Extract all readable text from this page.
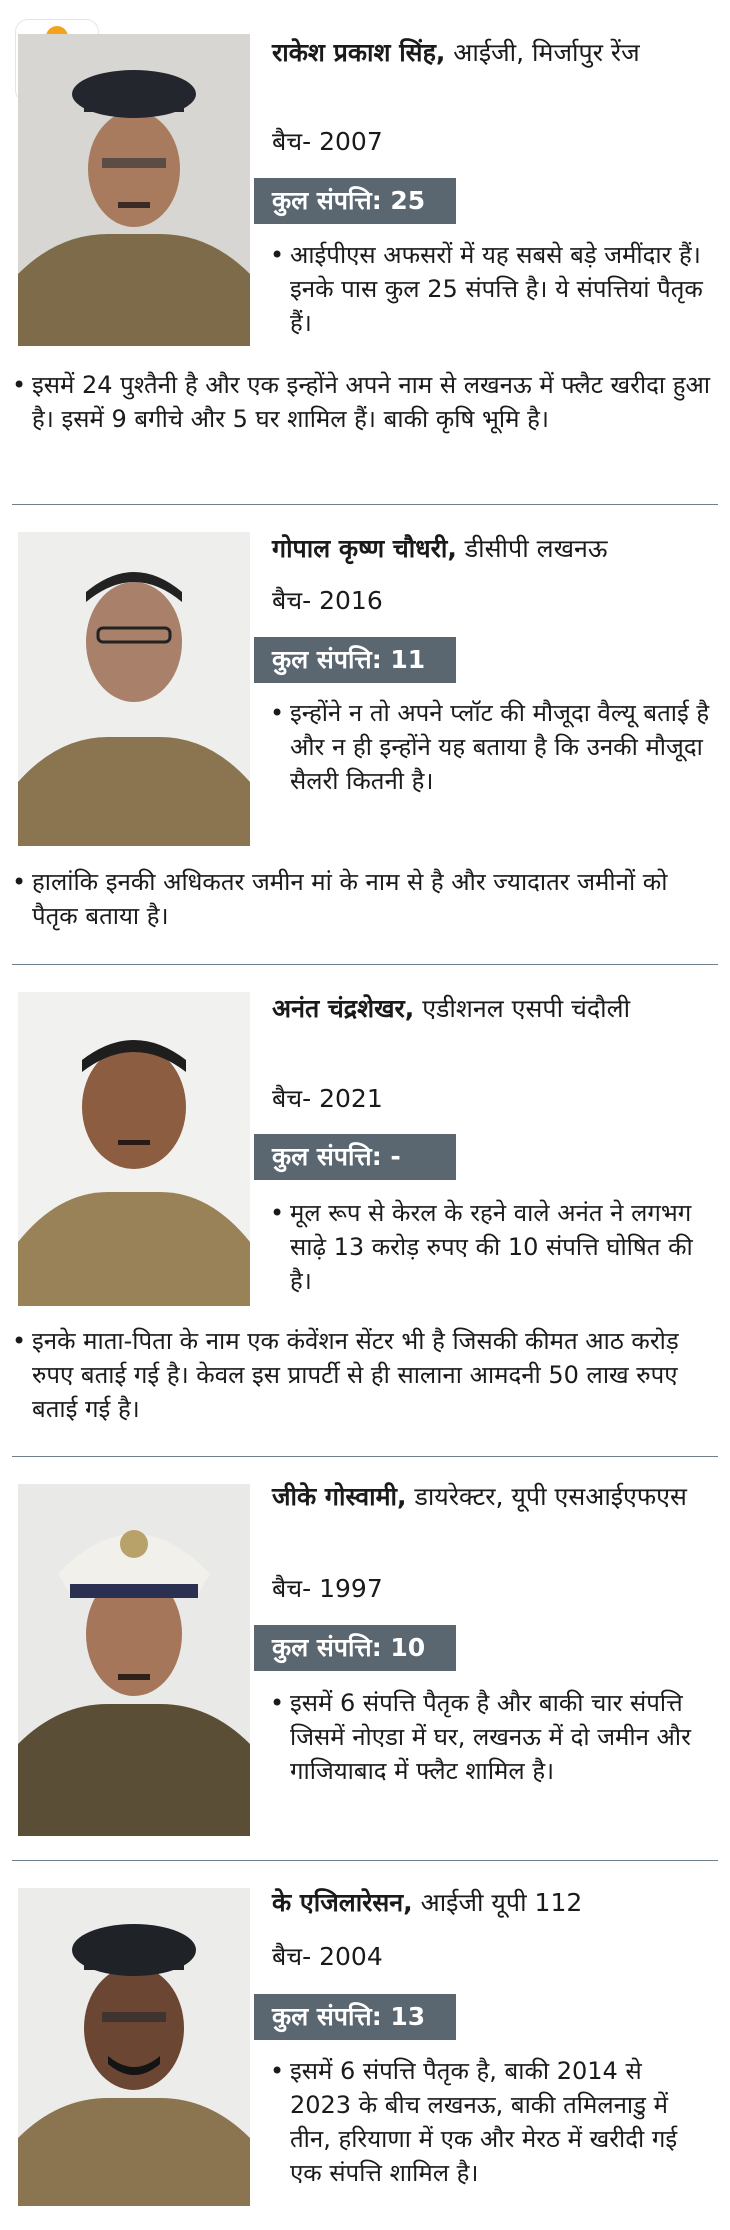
राकेश प्रकाश सिंह, आईजी, मिर्जापुर रेंज
बैच- 2007
कुल संपत्ति: 25
• आईपीएस अफसरों में यह सबसे बड़े जमींदार हैं। इनके पास कुल 25 संपत्ति है। ये संपत्तियां पैतृक हैं।
• इसमें 24 पुश्तैनी है और एक इन्होंने अपने नाम से लखनऊ में फ्लैट खरीदा हुआ है। इसमें 9 बगीचे और 5 घर शामिल हैं। बाकी कृषि भूमि है।
गोपाल कृष्ण चौधरी, डीसीपी लखनऊ
बैच- 2016
कुल संपत्ति: 11
• इन्होंने न तो अपने प्लॉट की मौजूदा वैल्यू बताई है और न ही इन्होंने यह बताया है कि उनकी मौजूदा सैलरी कितनी है।
• हालांकि इनकी अधिकतर जमीन मां के नाम से है और ज्यादातर जमीनों को पैतृक बताया है।
अनंत चंद्रशेखर, एडीशनल एसपी चंदौली
बैच- 2021
कुल संपत्ति: -
• मूल रूप से केरल के रहने वाले अनंत ने लगभग साढ़े 13 करोड़ रुपए की 10 संपत्ति घोषित की है।
• इनके माता-पिता के नाम एक कंवेंशन सेंटर भी है जिसकी कीमत आठ करोड़ रुपए बताई गई है। केवल इस प्रापर्टी से ही सालाना आमदनी 50 लाख रुपए बताई गई है।
जीके गोस्वामी, डायरेक्टर, यूपी एसआईएफएस
बैच- 1997
कुल संपत्ति: 10
• इसमें 6 संपत्ति पैतृक है और बाकी चार संपत्ति जिसमें नोएडा में घर, लखनऊ में दो जमीन और गाजियाबाद में फ्लैट शामिल है।
के एजिलारेसन, आईजी यूपी 112
बैच- 2004
कुल संपत्ति: 13
• इसमें 6 संपत्ति पैतृक है, बाकी 2014 से 2023 के बीच लखनऊ, बाकी तमिलनाडु में तीन, हरियाणा में एक और मेरठ में खरीदी गई एक संपत्ति शामिल है।
